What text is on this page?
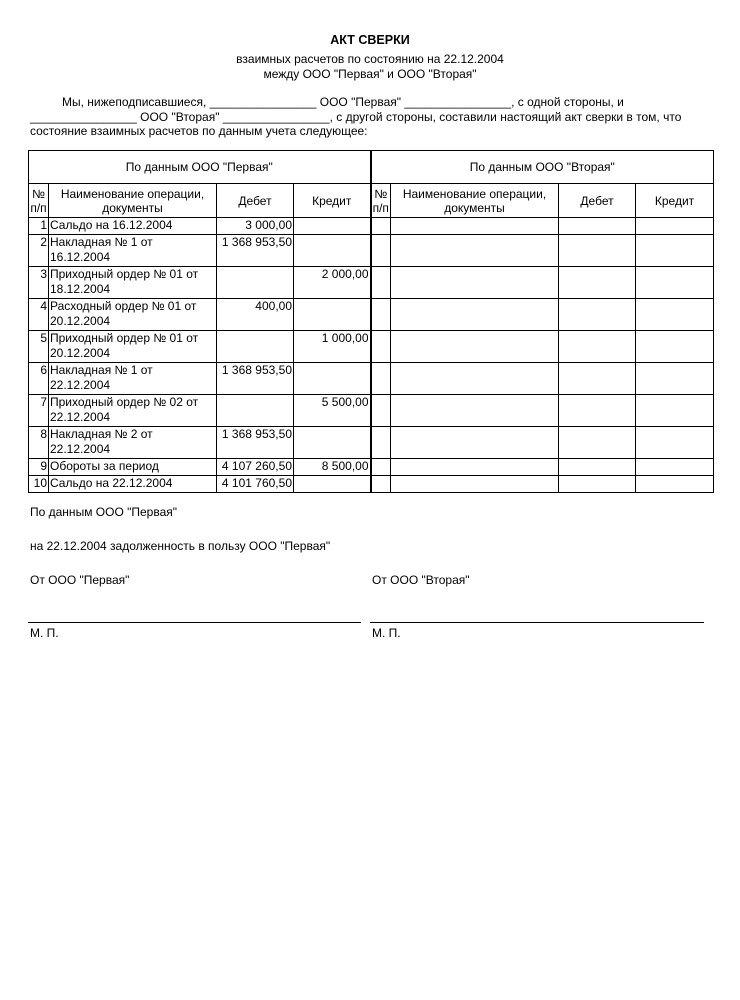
АКТ СВЕРКИ
взаимных расчетов по состоянию на 22.12.2004
между ООО "Первая" и ООО "Вторая"
Мы, нижеподписавшиеся, ________________ ООО "Первая" ________________, с одной стороны, и ________________ ООО "Вторая" ________________, с другой стороны, составили настоящий акт сверки в том, что состояние взаимных расчетов по данным учета следующее:
По данным ООО "Первая"				По данным ООО "Вторая"			
№ п/п	Наименование операции, документы	Дебет	Кредит	№ п/п	Наименование операции, документы	Дебет	Кредит
1	Сальдо на 16.12.2004	3 000,00					
2	Накладная № 1 от 16.12.2004	1 368 953,50					
3	Приходный ордер № 01 от 18.12.2004		2 000,00				
4	Расходный ордер № 01 от 20.12.2004	400,00					
5	Приходный ордер № 01 от 20.12.2004		1 000,00				
6	Накладная № 1 от 22.12.2004	1 368 953,50					
7	Приходный ордер № 02 от 22.12.2004		5 500,00				
8	Накладная № 2 от 22.12.2004	1 368 953,50					
9	Обороты за период	4 107 260,50	8 500,00				
10	Сальдо на 22.12.2004	4 101 760,50					
По данным ООО "Первая"
на 22.12.2004 задолженность в пользу ООО "Первая"
От ООО "Первая"	От ООО "Вторая"
М. П.	М. П.
